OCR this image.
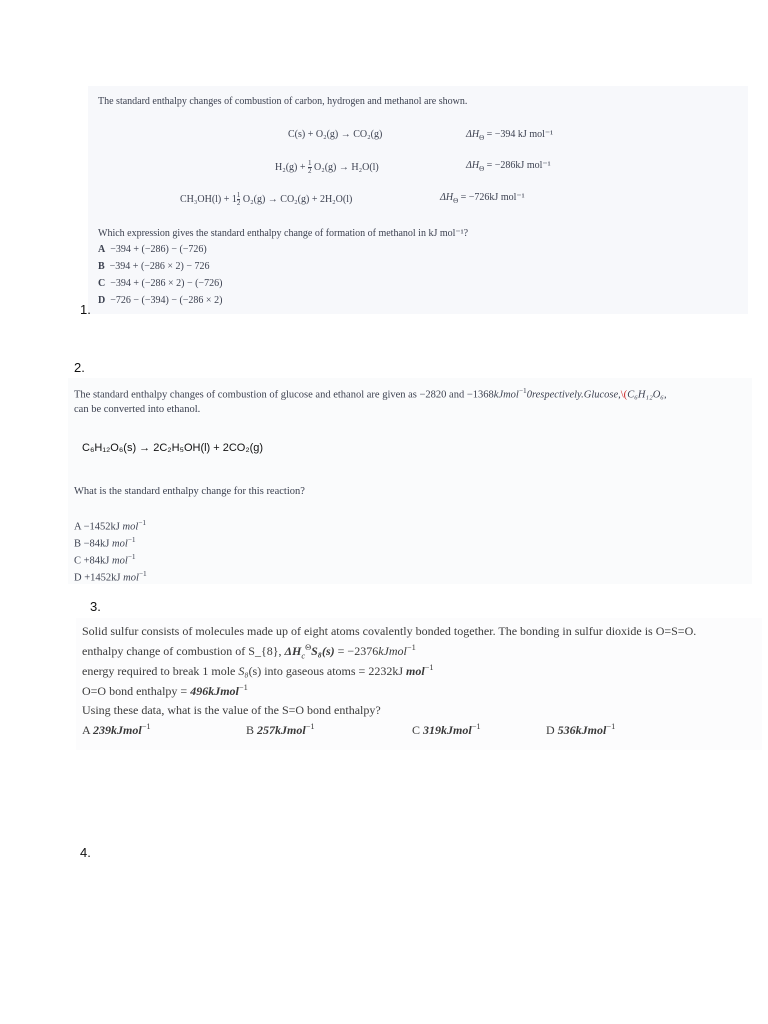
The standard enthalpy changes of combustion of carbon, hydrogen and methanol are shown.
C(s) + O₂(g) → CO₂(g)	$\Delta H_\Theta = -394$ kJ mol⁻¹
$H_2(g) + \frac{1}{2} O_2(g) \to H_2O(l)$	$\Delta H_\Theta = -286kJ$ mol⁻¹
$CH_3OH(l) + 1 \frac{1}{2} O_2(g) \to CO_2(g) + 2H_2O(l)$	$\Delta H_\Theta = -726kJ$ mol⁻¹
Which expression gives the standard enthalpy change of formation of methanol in kJ mol⁻¹?
A −394 + (−286) − (−726)
B −394 + (−286 × 2) − 726
C −394 + (−286 × 2) − (−726)
D −726 − (−394) − (−286 × 2)
1.
2.
The standard enthalpy changes of combustion of glucose and ethanol are given as −2820 and −1368kJmol$^{-1}$0respectively.Glucose,\(C₆H₁₂O₆,
can be converted into ethanol.
C₆H₁₂O₆(s) → 2C₂H₅OH(l) + 2CO₂(g)
What is the standard enthalpy change for this reaction?
A −1452kJ mol$^{-1}$
B −84kJ mol$^{-1}$
C +84kJ mol$^{-1}$
D +1452kJ mol$^{-1}$
3.
Solid sulfur consists of molecules made up of eight atoms covalently bonded together. The bonding in sulfur dioxide is O=S=O.
enthalpy change of combustion of S_{8}, $\Delta H_c^\Theta S_8(s)$ = −2376kJmol$^{-1}$
energy required to break 1 mole S₈(s) into gaseous atoms = 2232kJ mol$^{-1}$
O=O bond enthalpy = 496kJmol$^{-1}$
Using these data, what is the value of the S=O bond enthalpy?
A 239kJmol$^{-1}$	B 257kJmol$^{-1}$	C 319kJmol$^{-1}$	D 536kJmol$^{-1}$
4.
